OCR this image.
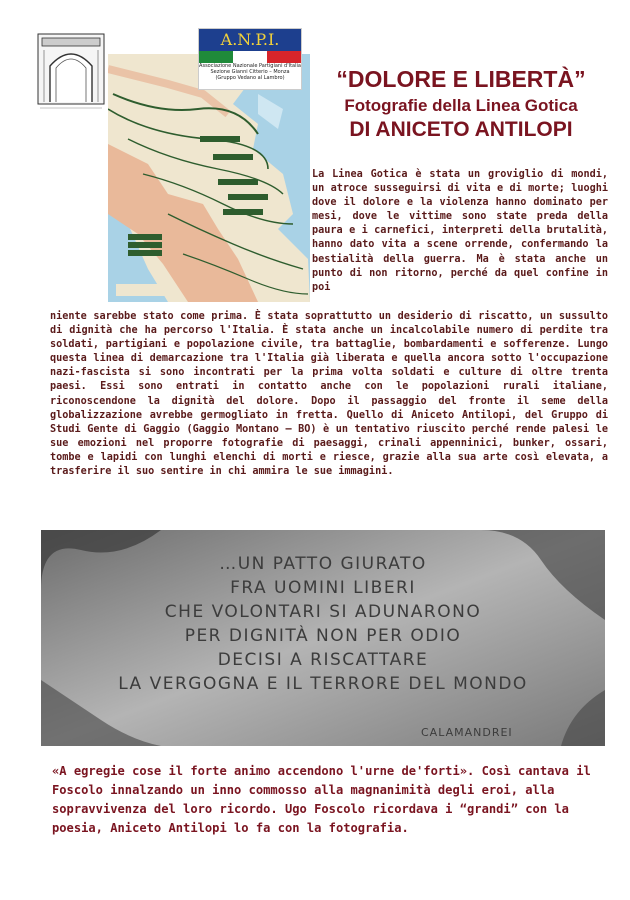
A.N.P.I.
Associazione Nazionale Partigiani d'Italia
Sezione Gianni Citterio – Monza
(Gruppo Vedano al Lambro)	“DOLORE E LIBERTÀ”
Fotografie della Linea Gotica
DI ANICETO ANTILOPI

La Linea Gotica è stata un groviglio di mondi, un atroce susseguirsi di vita e di morte; luoghi dove il dolore e la violenza hanno dominato per mesi, dove le vittime sono state preda della paura e i carnefici, interpreti della brutalità, hanno dato vita a scene orrende, confermando la bestialità della guerra. Ma è stata anche un punto di non ritorno, perché da quel confine in poi

niente sarebbe stato come prima. È stata soprattutto un desiderio di riscatto, un sussulto di dignità che ha percorso l'Italia. È stata anche un incalcolabile numero di perdite tra soldati, partigiani e popolazione civile, tra battaglie, bombardamenti e sofferenze. Lungo questa linea di demarcazione tra l'Italia già liberata e quella ancora sotto l'occupazione nazi-fascista si sono incontrati per la prima volta soldati e culture di oltre trenta paesi. Essi sono entrati in contatto anche con le popolazioni rurali italiane, riconoscendone la dignità del dolore. Dopo il passaggio del fronte il seme della globalizzazione avrebbe germogliato in fretta. Quello di Aniceto Antilopi, del Gruppo di Studi Gente di Gaggio (Gaggio Montano – BO) è un tentativo riuscito perché rende palesi le sue emozioni nel proporre fotografie di paesaggi, crinali appenninici, bunker, ossari, tombe e lapidi con lunghi elenchi di morti e riesce, grazie alla sua arte così elevata, a trasferire il suo sentire in chi ammira le sue immagini.

…UN PATTO GIURATO
FRA UOMINI LIBERI
CHE VOLONTARI SI ADUNARONO
PER DIGNITÀ NON PER ODIO
DECISI A RISCATTARE
LA VERGOGNA E IL TERRORE DEL MONDO
CALAMANDREI

«A egregie cose il forte animo accendono l'urne de'forti». Così cantava il Foscolo innalzando un inno commosso alla magnanimità degli eroi, alla sopravvivenza del loro ricordo. Ugo Foscolo ricordava i “grandi” con la poesia, Aniceto Antilopi lo fa con la fotografia.
